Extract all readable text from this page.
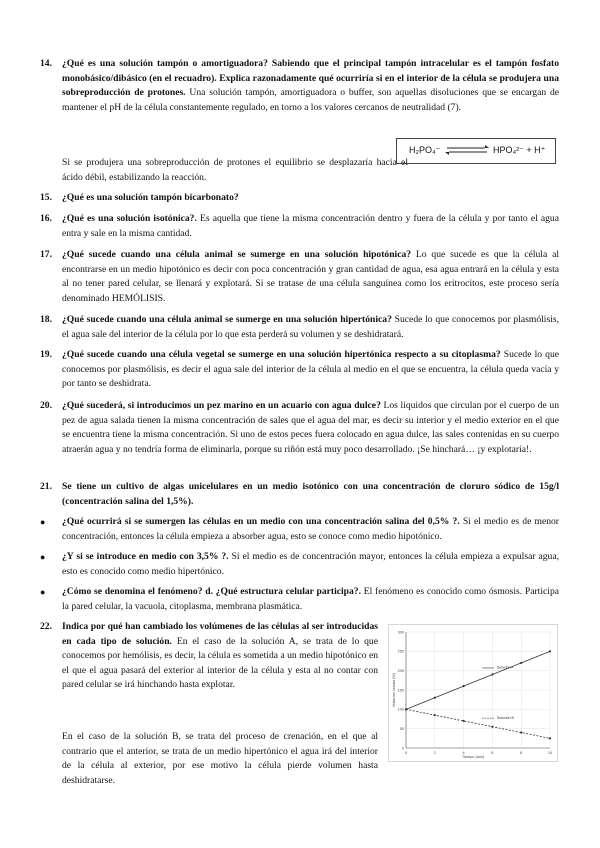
14. ¿Qué es una solución tampón o amortiguadora? Sabiendo que el principal tampón intracelular es el tampón fosfato monobásico/dibásico (en el recuadro). Explica razonadamente qué ocurriría si en el interior de la célula se produjera una sobreproducción de protones. Una solución tampón, amortiguadora o buffer, son aquellas disoluciones que se encargan de mantener el pH de la célula constantemente regulado, en torno a los valores cercanos de neutralidad (7).
Si se produjera una sobreproducción de protones el equilibrio se desplazaría hacia el ácido débil, estabilizando la reacción.
H₂PO₄⁻	HPO₄²⁻ + H⁺
15. ¿Qué es una solución tampón bicarbonato?
16. ¿Qué es una solución isotónica?. Es aquella que tiene la misma concentración dentro y fuera de la célula y por tanto el agua entra y sale en la misma cantidad.
17. ¿Qué sucede cuando una célula animal se sumerge en una solución hipotónica? Lo que sucede es que la célula al encontrarse en un medio hipotónico es decir con poca concentración y gran cantidad de agua, esa agua entrará en la célula y esta al no tener pared celular, se llenará y explotará. Si se tratase de una célula sanguínea como los eritrocitos, este proceso sería denominado HEMÓLISIS.
18. ¿Qué sucede cuando una célula animal se sumerge en una solución hipertónica? Sucede lo que conocemos por plasmólisis, el agua sale del interior de la célula por lo que esta perderá su volumen y se deshidratará.
19. ¿Qué sucede cuando una célula vegetal se sumerge en una solución hipertónica respecto a su citoplasma? Sucede lo que conocemos por plasmólisis, es decir el agua sale del interior de la célula al medio en el que se encuentra, la célula queda vacía y por tanto se deshidrata.
20. ¿Qué sucederá, si introducimos un pez marino en un acuario con agua dulce? Los líquidos que circulan por el cuerpo de un pez de agua salada tienen la misma concentración de sales que el agua del mar, es decir su interior y el medio exterior en el que se encuentra tiene la misma concentración. Si uno de estos peces fuera colocado en agua dulce, las sales contenidas en su cuerpo atraerán agua y no tendría forma de eliminarla, porque su riñón está muy poco desarrollado. ¡Se hinchará… ¡y explotaría!.
21. Se tiene un cultivo de algas unicelulares en un medio isotónico con una concentración de cloruro sódico de 15g/l (concentración salina del 1,5%).
● ¿Qué ocurrirá si se sumergen las células en un medio con una concentración salina del 0,5% ?. Si el medio es de menor concentración, entonces la célula empieza a absorber agua, esto se conoce como medio hipotónico.
● ¿Y si se introduce en medio con 3,5% ?. Si el medio es de concentración mayor, entonces la célula empieza a expulsar agua, esto es conocido como medio hipertónico.
● ¿Cómo se denomina el fenómeno? d. ¿Qué estructura celular participa?. El fenómeno es conocido como ósmosis. Participa la pared celular, la vacuola, citoplasma, membrana plasmática.
22. Indica por qué han cambiado los volúmenes de las células al ser introducidas en cada tipo de solución. En el caso de la solución A, se trata de lo que conocemos por hemólisis, es decir, la célula es sometida a un medio hipotónico en el que el agua pasará del exterior al interior de la célula y esta al no contar con pared celular se irá hinchando hasta explotar.
En el caso de la solución B, se trata del proceso de crenación, en el que al contrario que el anterior, se trata de un medio hipertónico el agua irá del interior de la célula al exterior, por ese motivo la célula pierde volumen hasta deshidratarse.
0
50
100
150
200
250
300
0	2	4	6	8	10
Solución A
Solución B
Volumen celular (%)
Tiempo (min)
